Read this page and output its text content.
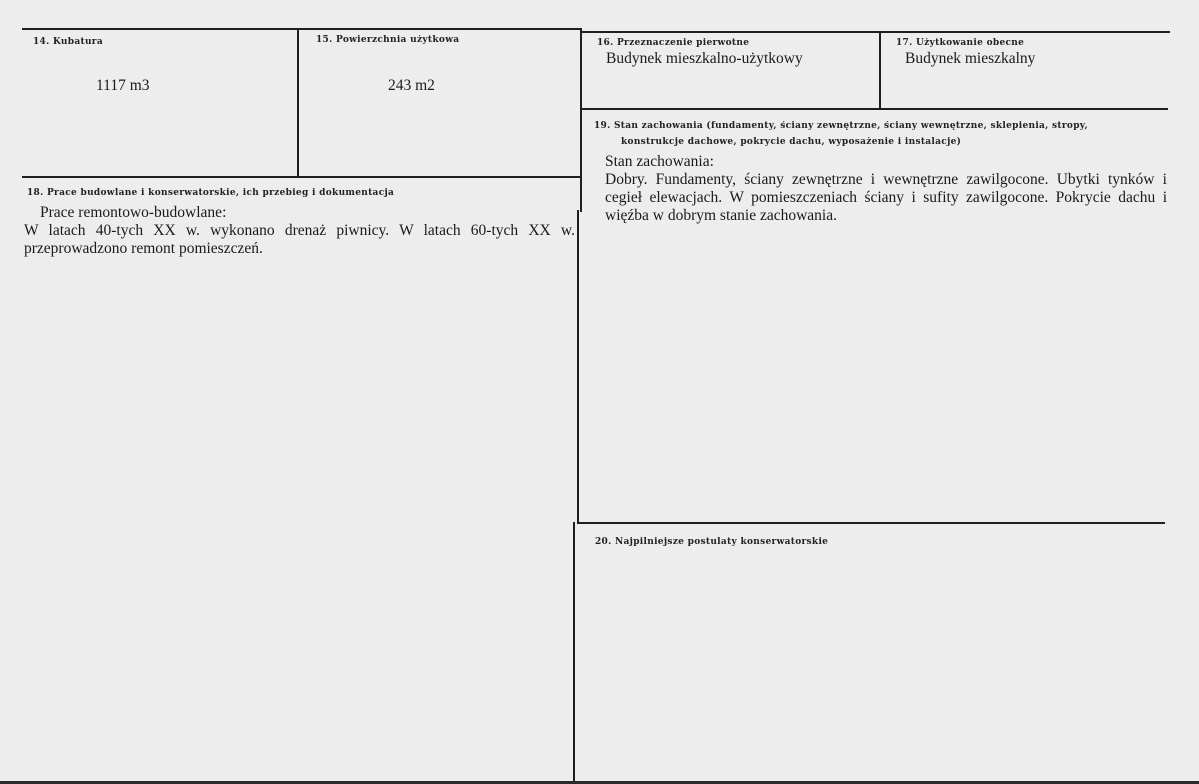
14. Kubatura
1117 m3
15. Powierzchnia użytkowa
243 m2
16. Przeznaczenie pierwotne
Budynek mieszkalno-użytkowy
17. Użytkowanie obecne
Budynek mieszkalny
18. Prace budowlane i konserwatorskie, ich przebieg i dokumentacja

Prace remontowo-budowlane:

W latach 40-tych XX w. wykonano drenaż piwnicy. W latach 60-tych XX w. przeprowadzono remont pomieszczeń.

19. Stan zachowania (fundamenty, ściany zewnętrzne, ściany wewnętrzne, sklepienia, stropy,
konstrukcje dachowe, pokrycie dachu, wyposażenie i instalacje)

Stan zachowania:

Dobry. Fundamenty, ściany zewnętrzne i wewnętrzne zawilgocone. Ubytki tynków i cegieł elewacjach. W pomieszczeniach ściany i sufity zawilgocone. Pokrycie dachu i więźba w dobrym stanie zachowania.

20. Najpilniejsze postulaty konserwatorskie
